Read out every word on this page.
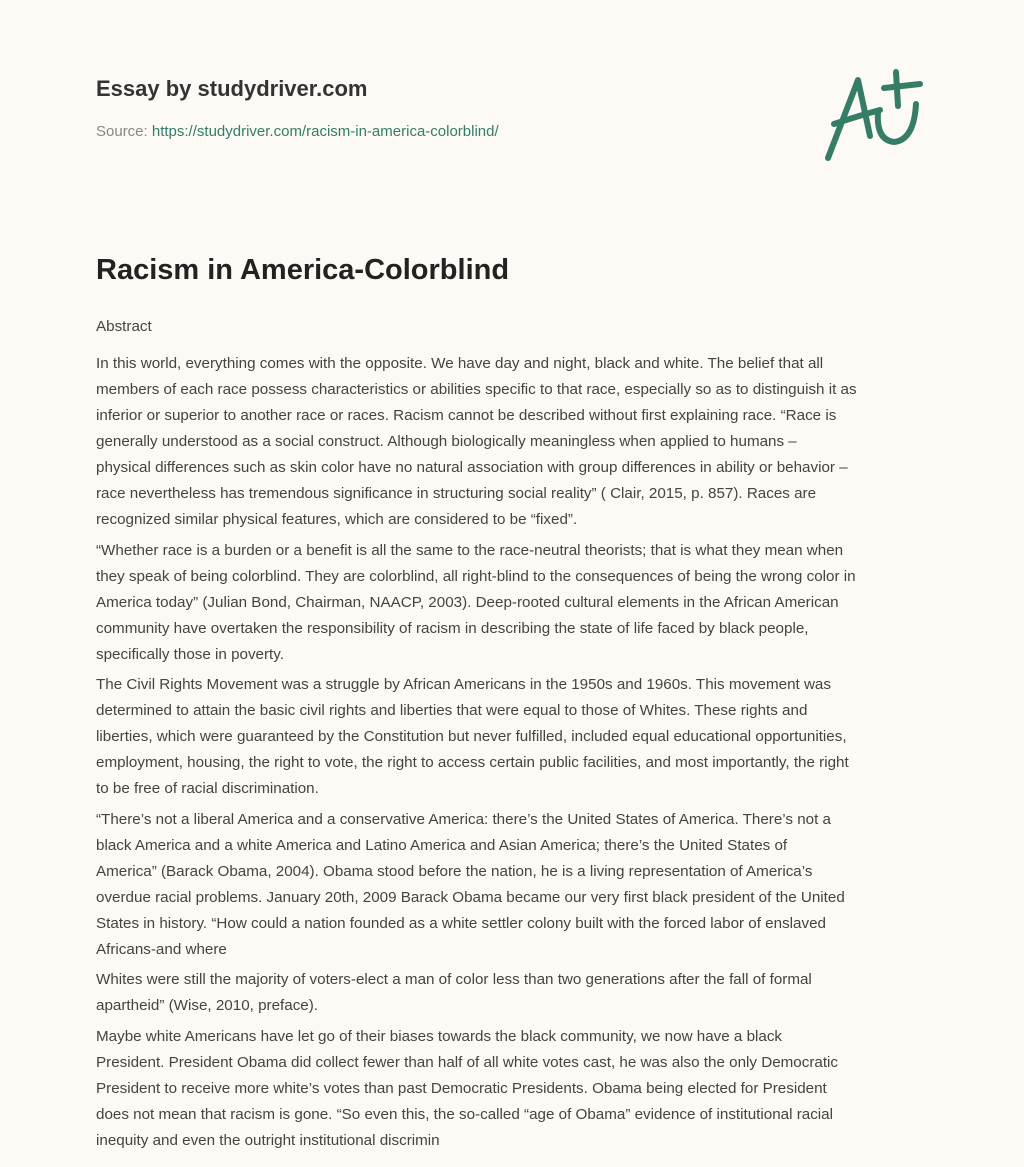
Essay by studydriver.com
Source: https://studydriver.com/racism-in-america-colorblind/
Racism in America-Colorblind
Abstract
In this world, everything comes with the opposite. We have day and night, black and white. The belief that all
members of each race possess characteristics or abilities specific to that race, especially so as to distinguish it as
inferior or superior to another race or races. Racism cannot be described without first explaining race. “Race is
generally understood as a social construct. Although biologically meaningless when applied to humans –
physical differences such as skin color have no natural association with group differences in ability or behavior –
race nevertheless has tremendous significance in structuring social reality” ( Clair, 2015, p. 857). Races are
recognized similar physical features, which are considered to be “fixed”.
“Whether race is a burden or a benefit is all the same to the race-neutral theorists; that is what they mean when
they speak of being colorblind. They are colorblind, all right-blind to the consequences of being the wrong color in
America today” (Julian Bond, Chairman, NAACP, 2003). Deep-rooted cultural elements in the African American
community have overtaken the responsibility of racism in describing the state of life faced by black people,
specifically those in poverty.
The Civil Rights Movement was a struggle by African Americans in the 1950s and 1960s. This movement was
determined to attain the basic civil rights and liberties that were equal to those of Whites. These rights and
liberties, which were guaranteed by the Constitution but never fulfilled, included equal educational opportunities,
employment, housing, the right to vote, the right to access certain public facilities, and most importantly, the right
to be free of racial discrimination.
“There’s not a liberal America and a conservative America: there’s the United States of America. There’s not a
black America and a white America and Latino America and Asian America; there’s the United States of
America” (Barack Obama, 2004). Obama stood before the nation, he is a living representation of America’s
overdue racial problems. January 20th, 2009 Barack Obama became our very first black president of the United
States in history. “How could a nation founded as a white settler colony built with the forced labor of enslaved
Africans-and where
Whites were still the majority of voters-elect a man of color less than two generations after the fall of formal
apartheid” (Wise, 2010, preface).
Maybe white Americans have let go of their biases towards the black community, we now have a black
President. President Obama did collect fewer than half of all white votes cast, he was also the only Democratic
President to receive more white’s votes than past Democratic Presidents. Obama being elected for President
does not mean that racism is gone. “So even this, the so-called “age of Obama” evidence of institutional racial
inequity and even the outright institutional discrimin
